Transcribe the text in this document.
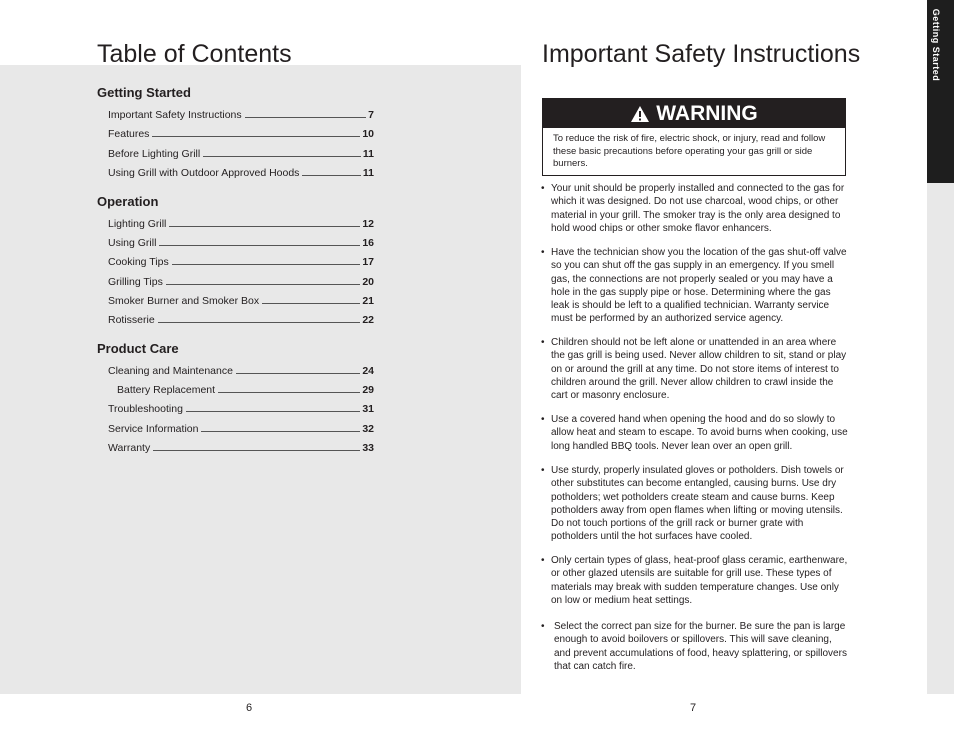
Getting Started
Table of Contents	Important Safety Instructions
Getting Started
Important Safety Instructions	7
Features	10
Before Lighting Grill	11
Using Grill with Outdoor Approved Hoods	11
Operation
Lighting Grill	12
Using Grill	16
Cooking Tips	17
Grilling Tips	20
Smoker Burner and Smoker Box	21
Rotisserie	22
Product Care
Cleaning and Maintenance	24
Battery Replacement	29
Troubleshooting	31
Service Information	32
Warranty	33
WARNING
To reduce the risk of fire, electric shock, or injury, read and follow these basic precautions before operating your gas grill or side burners.
• Your unit should be properly installed and connected to the gas for which it was designed. Do not use charcoal, wood chips, or other material in your grill. The smoker tray is the only area designed to hold wood chips or other smoke flavor enhancers.
• Have the technician show you the location of the gas shut-off valve so you can shut off the gas supply in an emergency. If you smell gas, the connections are not properly sealed or you may have a hole in the gas supply pipe or hose. Determining where the gas leak is should be left to a qualified technician. Warranty service must be performed by an authorized service agency.
• Children should not be left alone or unattended in an area where the gas grill is being used. Never allow children to sit, stand or play on or around the grill at any time. Do not store items of interest to children around the grill. Never allow children to crawl inside the cart or masonry enclosure.
• Use a covered hand when opening the hood and do so slowly to allow heat and steam to escape. To avoid burns when cooking, use long handled BBQ tools. Never lean over an open grill.
• Use sturdy, properly insulated gloves or potholders. Dish towels or other substitutes can become entangled, causing burns. Use dry potholders; wet potholders create steam and cause burns. Keep potholders away from open flames when lifting or moving utensils. Do not touch portions of the grill rack or burner grate with potholders until the hot surfaces have cooled.
• Only certain types of glass, heat-proof glass ceramic, earthenware, or other glazed utensils are suitable for grill use. These types of materials may break with sudden temperature changes. Use only on low or medium heat settings.
• Select the correct pan size for the burner. Be sure the pan is large enough to avoid boilovers or spillovers. This will save cleaning, and prevent accumulations of food, heavy splattering, or spillovers that can catch fire.
6	7
